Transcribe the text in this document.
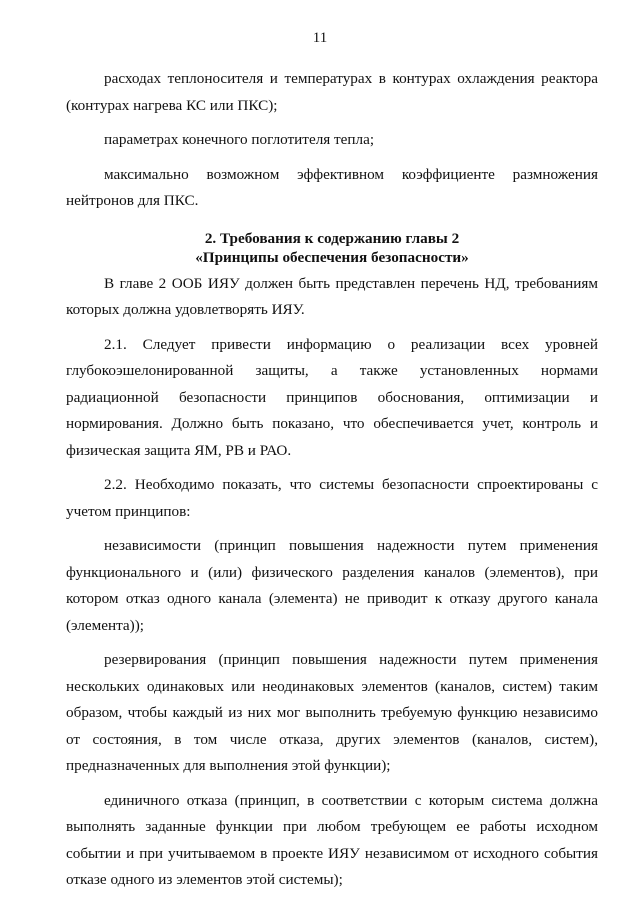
11

расходах теплоносителя и температурах в контурах охлаждения реактора (контурах нагрева КС или ПКС);

параметрах конечного поглотителя тепла;

максимально возможном эффективном коэффициенте размножения нейтронов для ПКС.

2. Требования к содержанию главы 2
«Принципы обеспечения безопасности»

В главе 2 ООБ ИЯУ должен быть представлен перечень НД, требованиям которых должна удовлетворять ИЯУ.

2.1. Следует привести информацию о реализации всех уровней глубокоэшелонированной защиты, а также установленных нормами радиационной безопасности принципов обоснования, оптимизации и нормирования. Должно быть показано, что обеспечивается учет, контроль и физическая защита ЯМ, РВ и РАО.

2.2. Необходимо показать, что системы безопасности спроектированы с учетом принципов:

независимости (принцип повышения надежности путем применения функционального и (или) физического разделения каналов (элементов), при котором отказ одного канала (элемента) не приводит к отказу другого канала (элемента));

резервирования (принцип повышения надежности путем применения нескольких одинаковых или неодинаковых элементов (каналов, систем) таким образом, чтобы каждый из них мог выполнить требуемую функцию независимо от состояния, в том числе отказа, других элементов (каналов, систем), предназначенных для выполнения этой функции);

единичного отказа (принцип, в соответствии с которым система должна выполнять заданные функции при любом требующем ее работы исходном событии и при учитываемом в проекте ИЯУ независимом от исходного события отказе одного из элементов этой системы);
